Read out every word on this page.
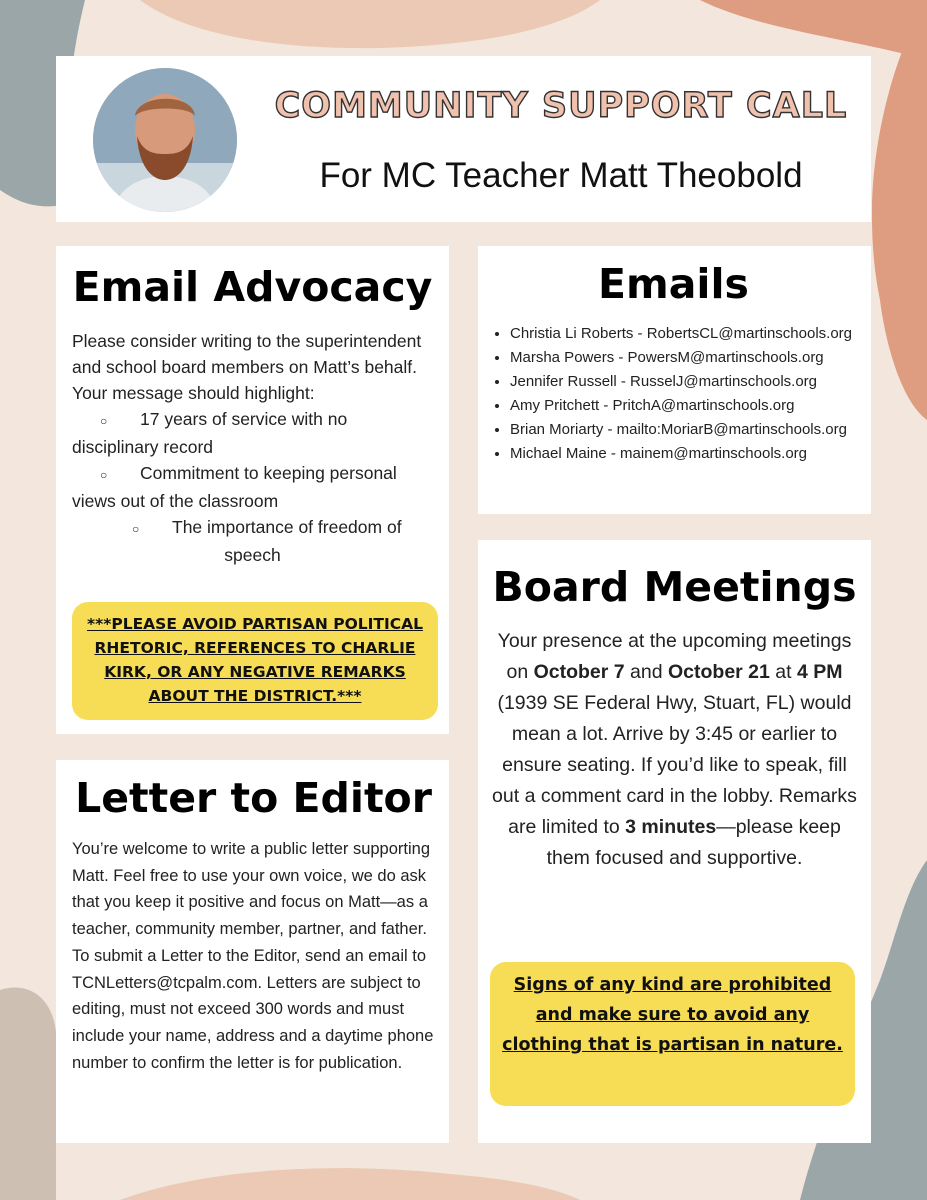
COMMUNITY SUPPORT CALL
For MC Teacher Matt Theobold
Email Advocacy
Please consider writing to the superintendent and school board members on Matt’s behalf. Your message should highlight:
○ 17 years of service with no
disciplinary record
○ Commitment to keeping personal
views out of the classroom
○ The importance of freedom of

speech
***PLEASE AVOID PARTISAN POLITICAL RHETORIC, REFERENCES TO CHARLIE KIRK, OR ANY NEGATIVE REMARKS ABOUT THE DISTRICT.***
Emails
• Christia Li Roberts - RobertsCL@martinschools.org
• Marsha Powers - PowersM@martinschools.org
• Jennifer Russell - RusselJ@martinschools.org
• Amy Pritchett - PritchA@martinschools.org
• Brian Moriarty - mailto:MoriarB@martinschools.org
• Michael Maine - mainem@martinschools.org
Board Meetings
Your presence at the upcoming meetings on October 7 and October 21 at 4 PM (1939 SE Federal Hwy, Stuart, FL) would mean a lot. Arrive by 3:45 or earlier to ensure seating. If you’d like to speak, fill out a comment card in the lobby. Remarks are limited to 3 minutes—please keep them focused and supportive.
Signs of any kind are prohibited and make sure to avoid any clothing that is partisan in nature.
Letter to Editor
You’re welcome to write a public letter supporting Matt. Feel free to use your own voice, we do ask that you keep it positive and focus on Matt—as a teacher, community member, partner, and father. To submit a Letter to the Editor, send an email to TCNLetters@tcpalm.com. Letters are subject to editing, must not exceed 300 words and must include your name, address and a daytime phone number to confirm the letter is for publication.
